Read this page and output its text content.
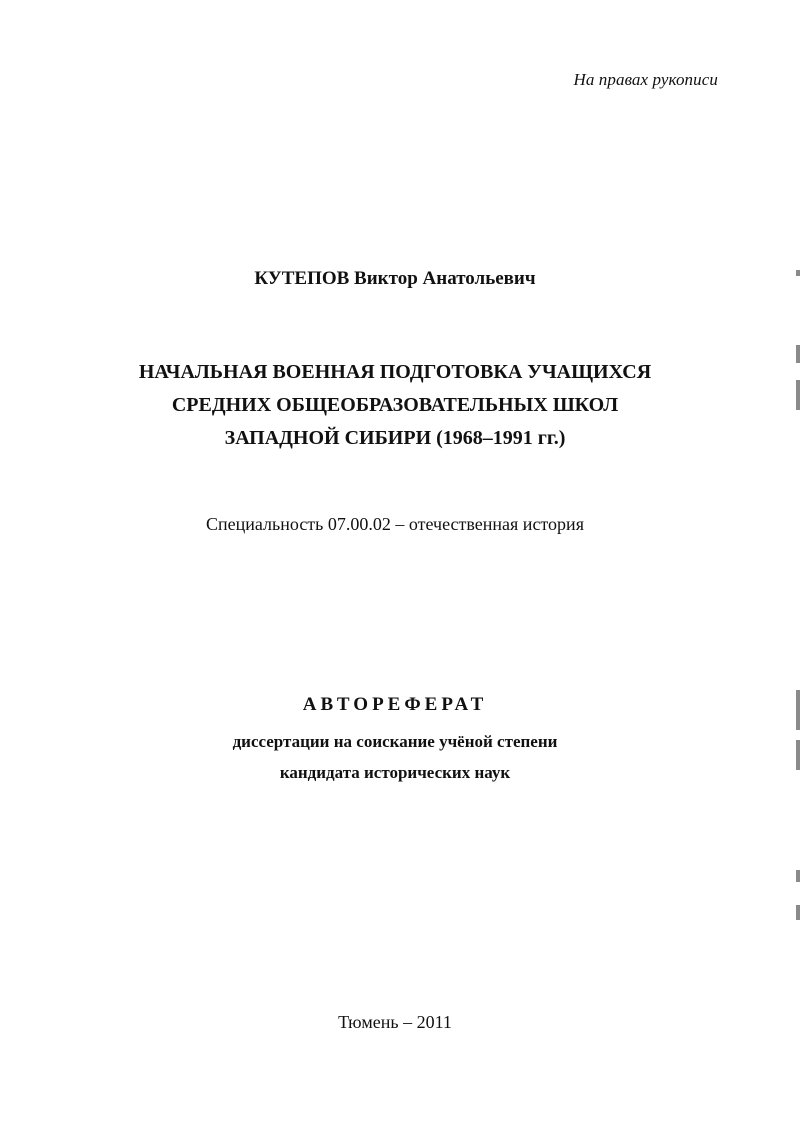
На правах рукописи
КУТЕПОВ Виктор Анатольевич
НАЧАЛЬНАЯ ВОЕННАЯ ПОДГОТОВКА УЧАЩИХСЯ
СРЕДНИХ ОБЩЕОБРАЗОВАТЕЛЬНЫХ ШКОЛ
ЗАПАДНОЙ СИБИРИ (1968–1991 гг.)
Специальность 07.00.02 – отечественная история
АВТОРЕФЕРАТ
диссертации на соискание учёной степени
кандидата исторических наук
Тюмень – 2011
